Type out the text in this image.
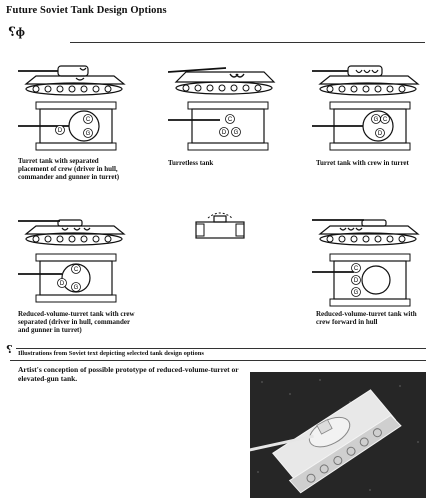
Future Soviet Tank Design Options
⸮ɸ
C
G
D

Turret tank with separated placement of crew (driver in hull, commander and gunner in turret)

C
D G

Turretless tank

G C
D

Turret tank with crew in turret

C
G
D

Reduced-volume-turret tank with crew separated (driver in hull, commander and gunner in turret)

C
D
G

Reduced-volume-turret tank with crew forward in hull

⸮ Illustrations from Soviet text depicting selected tank design options

Artist's conception of possible prototype of reduced-volume-turret or elevated-gun tank.
